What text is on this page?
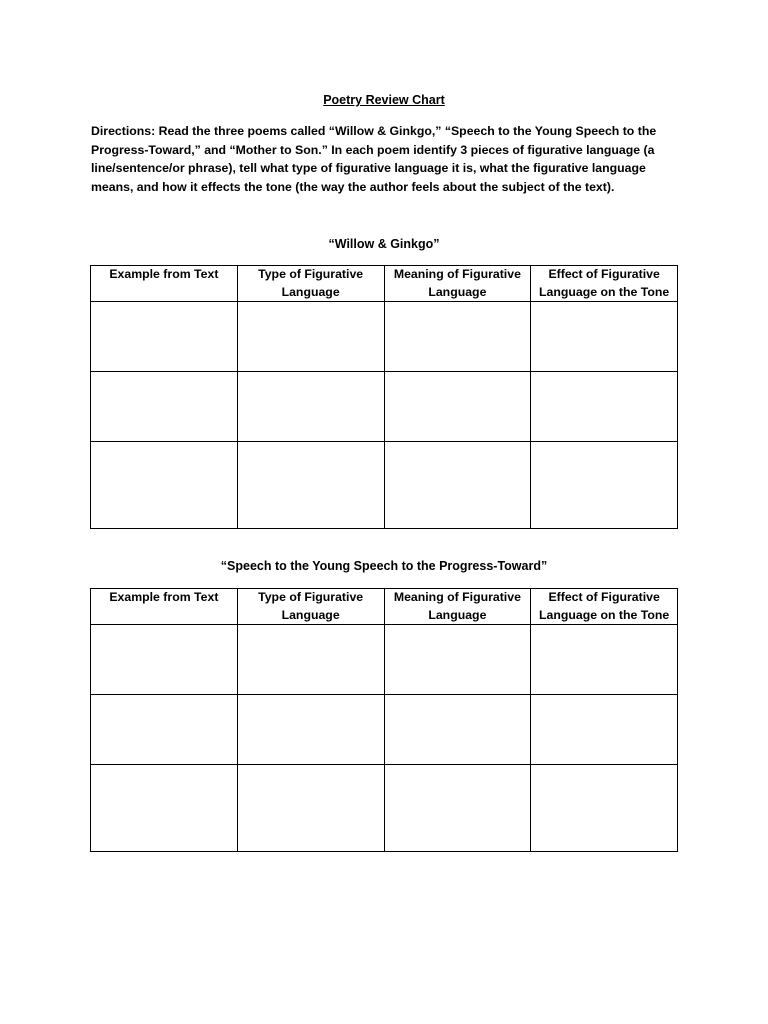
Poetry Review Chart

Directions: Read the three poems called “Willow & Ginkgo,” “Speech to the Young Speech to the Progress-Toward,” and “Mother to Son.” In each poem identify 3 pieces of figurative language (a line/sentence/or phrase), tell what type of figurative language it is, what the figurative language means, and how it effects the tone (the way the author feels about the subject of the text).

“Willow & Ginkgo”
Example from Text	Type of Figurative Language	Meaning of Figurative Language	Effect of Figurative Language on the Tone

“Speech to the Young Speech to the Progress-Toward”
Example from Text	Type of Figurative Language	Meaning of Figurative Language	Effect of Figurative Language on the Tone
